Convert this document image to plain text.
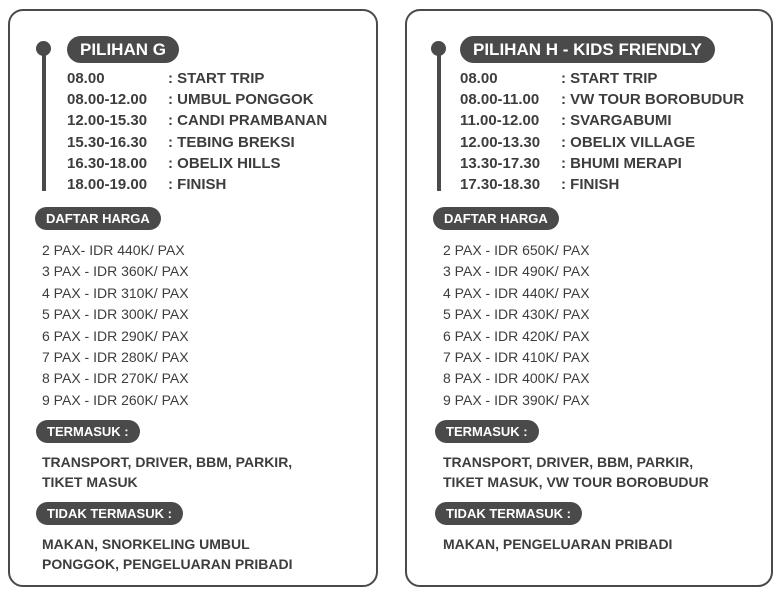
PILIHAN G
08.00	: START TRIP
08.00-12.00	: UMBUL PONGGOK
12.00-15.30	: CANDI PRAMBANAN
15.30-16.30	: TEBING BREKSI
16.30-18.00	: OBELIX HILLS
18.00-19.00	: FINISH
DAFTAR HARGA
2 PAX- IDR 440K/ PAX
3 PAX - IDR 360K/ PAX
4 PAX - IDR 310K/ PAX
5 PAX - IDR 300K/ PAX
6 PAX - IDR 290K/ PAX
7 PAX - IDR 280K/ PAX
8 PAX - IDR 270K/ PAX
9 PAX - IDR 260K/ PAX
TERMASUK :
TRANSPORT, DRIVER, BBM, PARKIR,
TIKET MASUK
TIDAK TERMASUK :
MAKAN, SNORKELING UMBUL
PONGGOK, PENGELUARAN PRIBADI
PILIHAN H - KIDS FRIENDLY
08.00	: START TRIP
08.00-11.00	: VW TOUR BOROBUDUR
11.00-12.00	: SVARGABUMI
12.00-13.30	: OBELIX VILLAGE
13.30-17.30	: BHUMI MERAPI
17.30-18.30	: FINISH
DAFTAR HARGA
2 PAX - IDR 650K/ PAX
3 PAX - IDR 490K/ PAX
4 PAX - IDR 440K/ PAX
5 PAX - IDR 430K/ PAX
6 PAX - IDR 420K/ PAX
7 PAX - IDR 410K/ PAX
8 PAX - IDR 400K/ PAX
9 PAX - IDR 390K/ PAX
TERMASUK :
TRANSPORT, DRIVER, BBM, PARKIR,
TIKET MASUK, VW TOUR BOROBUDUR
TIDAK TERMASUK :
MAKAN, PENGELUARAN PRIBADI
